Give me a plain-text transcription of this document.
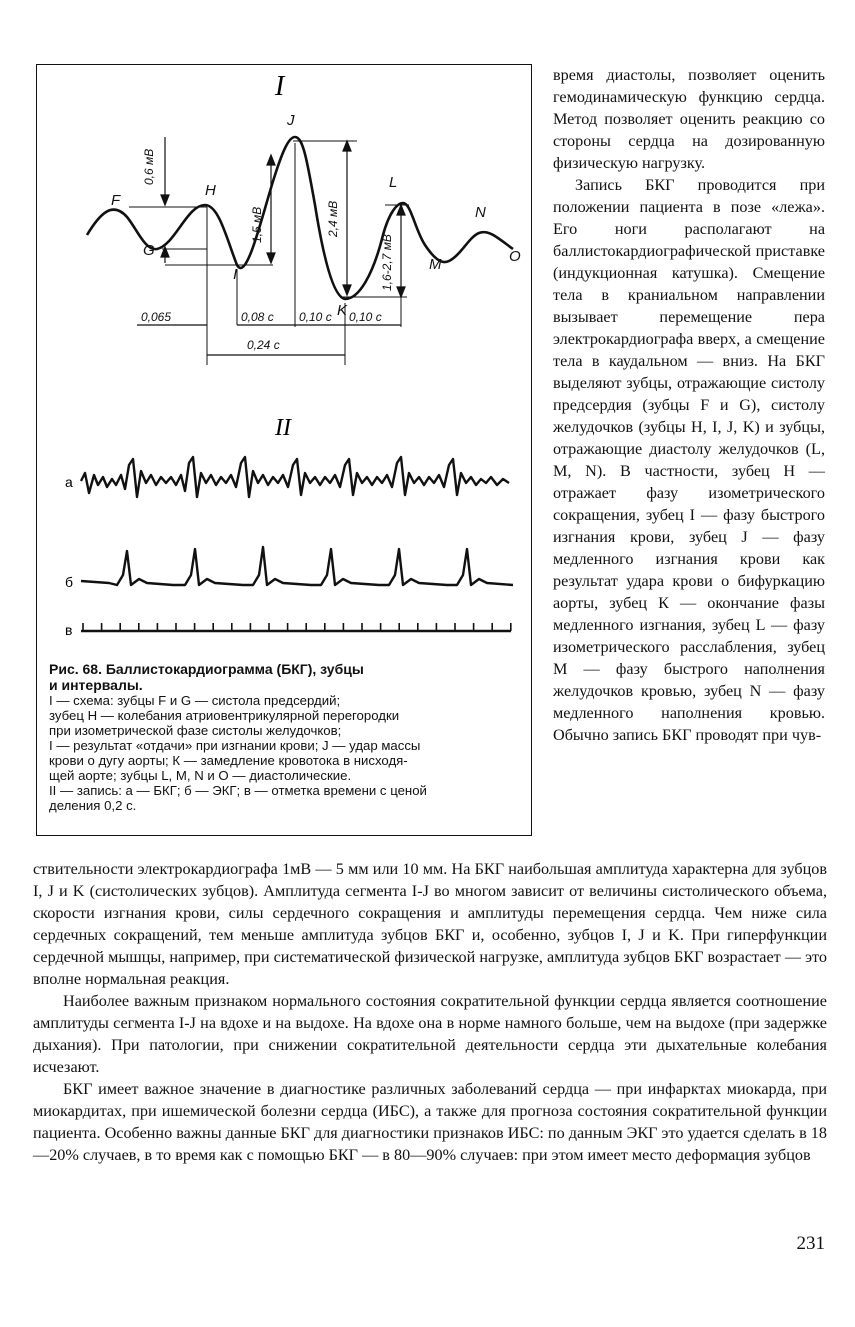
I
F
G
H
I
J
K
L
M
N
O
0,6 мВ
1,5 мВ	2,4 мВ
1,6-2,7 мВ
0,065	0,08 с 0,10 с 0,10 с
0,24 с
II
а
б
в
Рис. 68. Баллистокардиограмма (БКГ), зубцы
и интервалы.
I — схема: зубцы F и G — систола предсердий;
зубец H — колебания атриовентрикулярной перегородки
при изометрической фазе систолы желудочков;
I — результат «отдачи» при изгнании крови; J — удар массы
крови о дугу аорты; К — замедление кровотока в нисходя-
щей аорте; зубцы L, M, N и O — диастолические.
II — запись: а — БКГ; б — ЭКГ; в — отметка времени с ценой
деления 0,2 с.

время диастолы, позволяет оценить гемодинамическую функцию сердца. Метод позволяет оценить реакцию со стороны сердца на дозированную физическую нагрузку.

Запись БКГ проводится при положении пациента в позе «лежа». Его ноги располагают на баллистокардиографической приставке (индукционная катушка). Смещение тела в краниальном направлении вызывает перемещение пера электрокардиографа вверх, а смещение тела в каудальном — вниз. На БКГ выделяют зубцы, отражающие систолу предсердия (зубцы F и G), систолу желудочков (зубцы H, I, J, K) и зубцы, отражающие диастолу желудочков (L, M, N). В частности, зубец H — отражает фазу изометрического сокращения, зубец I — фазу быстрого изгнания крови, зубец J — фазу медленного изгнания крови как результат удара крови о бифуркацию аорты, зубец К — окончание фазы медленного изгнания, зубец L — фазу изометрического расслабления, зубец M — фазу быстрого наполнения желудочков кровью, зубец N — фазу медленного наполнения кровью. Обычно запись БКГ проводят при чув-

ствительности электрокардиографа 1мВ — 5 мм или 10 мм. На БКГ наибольшая амплитуда характерна для зубцов I, J и K (систолических зубцов). Амплитуда сегмента I-J во многом зависит от величины систолического объема, скорости изгнания крови, силы сердечного сокращения и амплитуды перемещения сердца. Чем ниже сила сердечных сокращений, тем меньше амплитуда зубцов БКГ и, особенно, зубцов I, J и K. При гиперфункции сердечной мышцы, например, при систематической физической нагрузке, амплитуда зубцов БКГ возрастает — это вполне нормальная реакция.

Наиболее важным признаком нормального состояния сократительной функции сердца является соотношение амплитуды сегмента I-J на вдохе и на выдохе. На вдохе она в норме намного больше, чем на выдохе (при задержке дыхания). При патологии, при снижении сократительной деятельности сердца эти дыхательные колебания исчезают.

БКГ имеет важное значение в диагностике различных заболеваний сердца — при инфарктах миокарда, при миокардитах, при ишемической болезни сердца (ИБС), а также для прогноза состояния сократительной функции пациента. Особенно важны данные БКГ для диагностики признаков ИБС: по данным ЭКГ это удается сделать в 18—20% случаев, в то время как с помощью БКГ — в 80—90% случаев: при этом имеет место деформация зубцов

231
